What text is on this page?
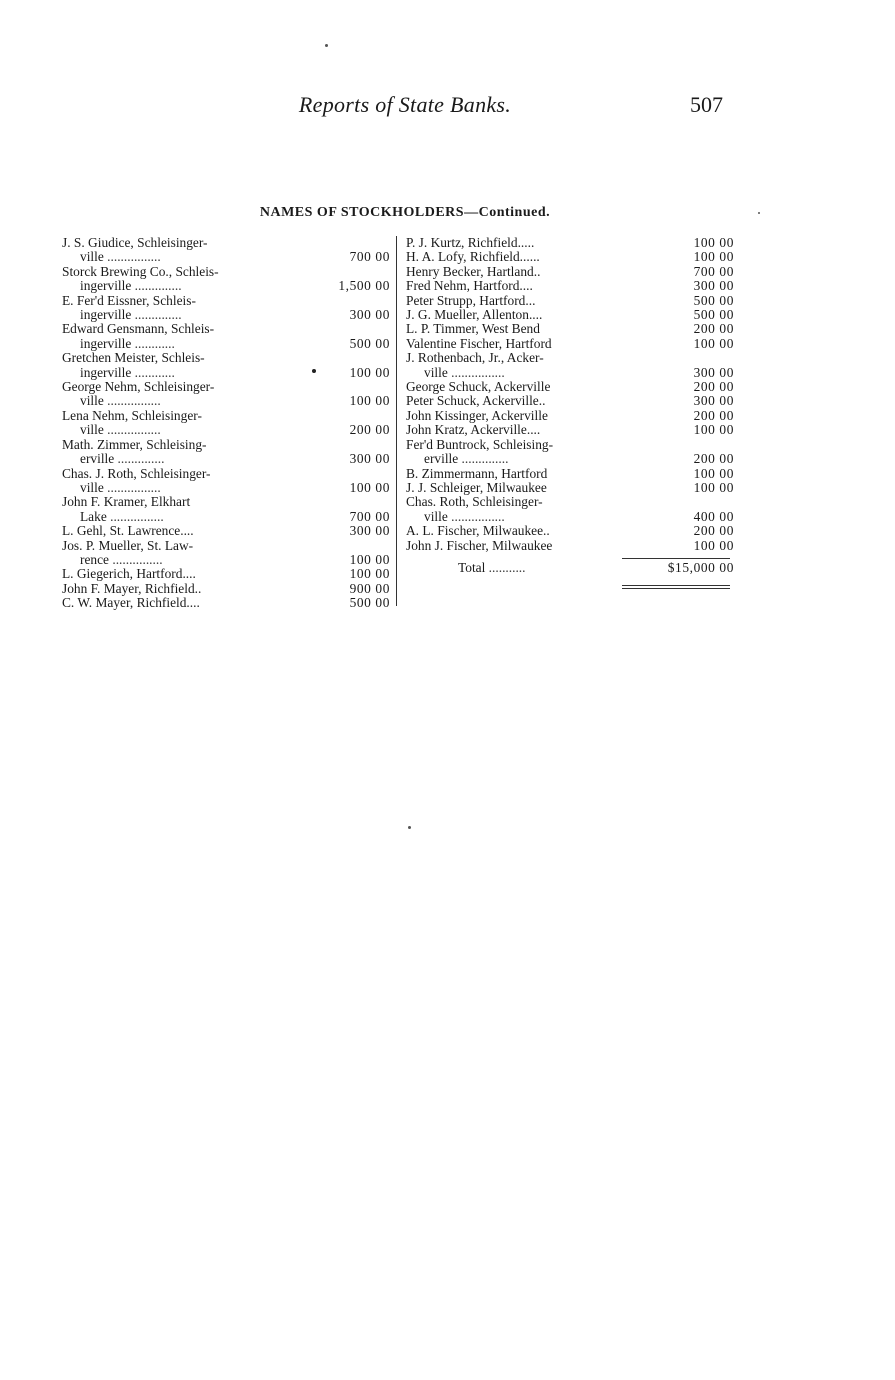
Reports of State Banks.	507
NAMES OF STOCKHOLDERS—Continued.
J. S. Giudice, Schleisinger-
ville ................	700 00
Storck Brewing Co., Schleis-
ingerville ..............	1,500 00
E. Fer'd Eissner, Schleis-
ingerville ..............	300 00
Edward Gensmann, Schleis-
ingerville ............	500 00
Gretchen Meister, Schleis-
ingerville ............	100 00
George Nehm, Schleisinger-
ville ................	100 00
Lena Nehm, Schleisinger-
ville ................	200 00
Math. Zimmer, Schleising-
erville ..............	300 00
Chas. J. Roth, Schleisinger-
ville ................	100 00
John F. Kramer, Elkhart
Lake ................	700 00
L. Gehl, St. Lawrence....	300 00
Jos. P. Mueller, St. Law-
rence ...............	100 00
L. Giegerich, Hartford....	100 00
John F. Mayer, Richfield..	900 00
C. W. Mayer, Richfield....	500 00
P. J. Kurtz, Richfield.....	100 00
H. A. Lofy, Richfield......	100 00
Henry Becker, Hartland..	700 00
Fred Nehm, Hartford....	300 00
Peter Strupp, Hartford...	500 00
J. G. Mueller, Allenton....	500 00
L. P. Timmer, West Bend	200 00
Valentine Fischer, Hartford	100 00
J. Rothenbach, Jr., Acker-
ville ................	300 00
George Schuck, Ackerville	200 00
Peter Schuck, Ackerville..	300 00
John Kissinger, Ackerville	200 00
John Kratz, Ackerville....	100 00
Fer'd Buntrock, Schleising-
erville ..............	200 00
B. Zimmermann, Hartford	100 00
J. J. Schleiger, Milwaukee	100 00
Chas. Roth, Schleisinger-
ville ................	400 00
A. L. Fischer, Milwaukee..	200 00
John J. Fischer, Milwaukee	100 00
Total ...........	$15,000 00
